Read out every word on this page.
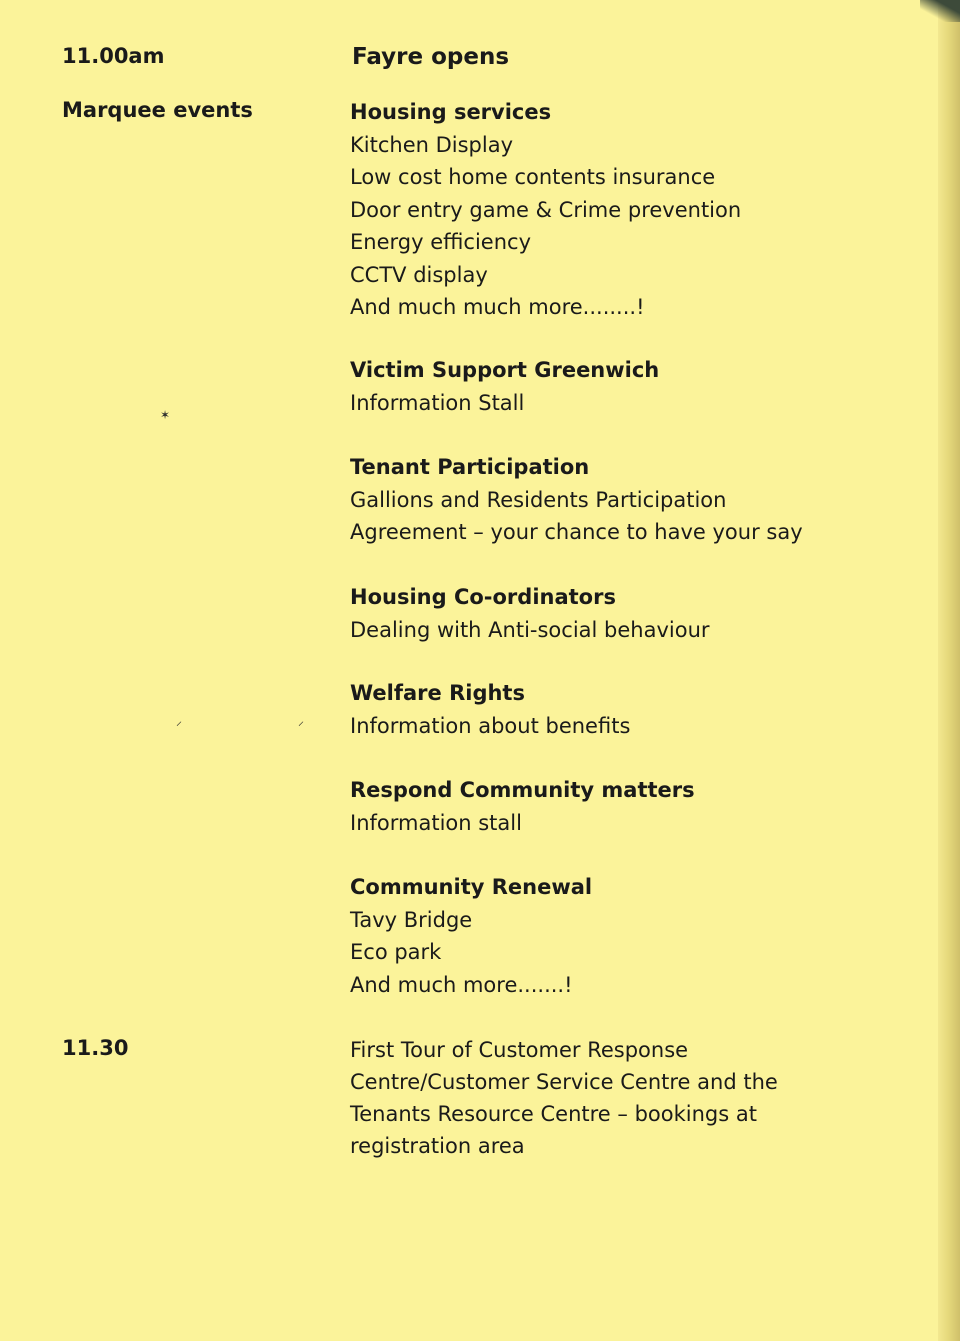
11.00am	Fayre opens
Marquee events	Housing services
Kitchen Display
Low cost home contents insurance
Door entry game & Crime prevention
Energy efficiency
CCTV display
And much much more........!
Victim Support Greenwich
Information Stall
Tenant Participation
Gallions and Residents Participation
Agreement – your chance to have your say
Housing Co-ordinators
Dealing with Anti-social behaviour
Welfare Rights
Information about benefits
Respond Community matters
Information stall
Community Renewal
Tavy Bridge
Eco park
And much more.......!
11.30	First Tour of Customer Response Centre/Customer Service Centre and the Tenants Resource Centre – bookings at registration area
✶
⸝	⸝
